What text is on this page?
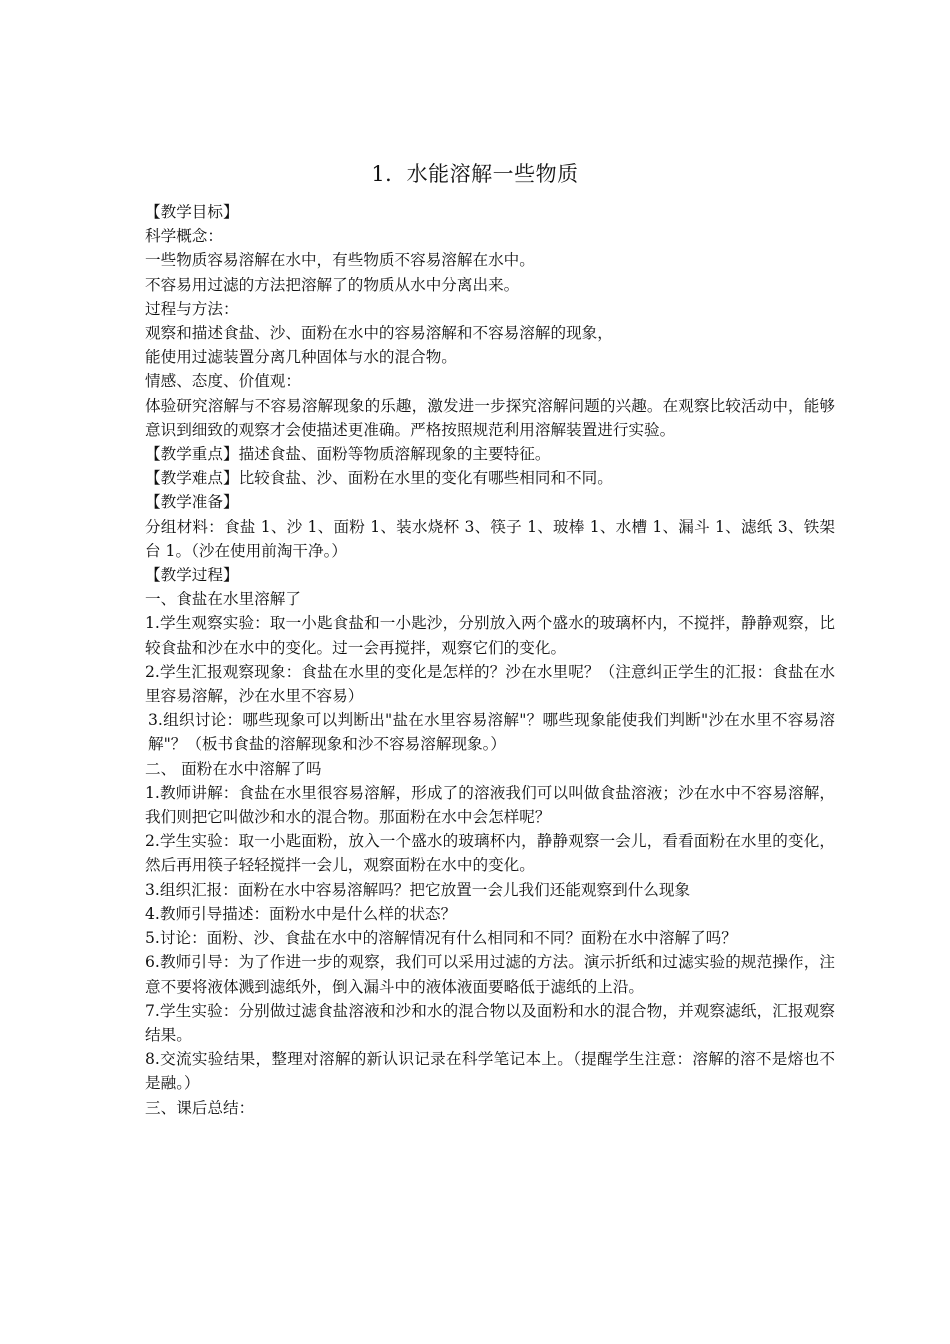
1．水能溶解一些物质

【教学目标】

科学概念：

一些物质容易溶解在水中，有些物质不容易溶解在水中。

不容易用过滤的方法把溶解了的物质从水中分离出来。

过程与方法：

观察和描述食盐、沙、面粉在水中的容易溶解和不容易溶解的现象，

能使用过滤装置分离几种固体与水的混合物。

情感、态度、价值观：

体验研究溶解与不容易溶解现象的乐趣，激发进一步探究溶解问题的兴趣。在观察比较活动中，能够意识到细致的观察才会使描述更准确。严格按照规范利用溶解装置进行实验。

【教学重点】描述食盐、面粉等物质溶解现象的主要特征。

【教学难点】比较食盐、沙、面粉在水里的变化有哪些相同和不同。

【教学准备】

分组材料：食盐 1、沙 1、面粉 1、装水烧杯 3、筷子 1、玻棒 1、水槽 1、漏斗 1、滤纸 3、铁架台 1。（沙在使用前淘干净。）

【教学过程】

一、食盐在水里溶解了

1.学生观察实验：取一小匙食盐和一小匙沙，分别放入两个盛水的玻璃杯内，不搅拌，静静观察，比较食盐和沙在水中的变化。过一会再搅拌，观察它们的变化。

2.学生汇报观察现象：食盐在水里的变化是怎样的？沙在水里呢？（注意纠正学生的汇报：食盐在水里容易溶解，沙在水里不容易）

3.组织讨论：哪些现象可以判断出"盐在水里容易溶解"？哪些现象能使我们判断"沙在水里不容易溶解"？（板书食盐的溶解现象和沙不容易溶解现象。）

二、 面粉在水中溶解了吗

1.教师讲解：食盐在水里很容易溶解，形成了的溶液我们可以叫做食盐溶液；沙在水中不容易溶解，我们则把它叫做沙和水的混合物。那面粉在水中会怎样呢？

2.学生实验：取一小匙面粉，放入一个盛水的玻璃杯内，静静观察一会儿，看看面粉在水里的变化，然后再用筷子轻轻搅拌一会儿，观察面粉在水中的变化。

3.组织汇报：面粉在水中容易溶解吗？把它放置一会儿我们还能观察到什么现象

4.教师引导描述：面粉水中是什么样的状态？

5.讨论：面粉、沙、食盐在水中的溶解情况有什么相同和不同？面粉在水中溶解了吗？

6.教师引导：为了作进一步的观察，我们可以采用过滤的方法。演示折纸和过滤实验的规范操作，注意不要将液体溅到滤纸外，倒入漏斗中的液体液面要略低于滤纸的上沿。

7.学生实验：分别做过滤食盐溶液和沙和水的混合物以及面粉和水的混合物，并观察滤纸，汇报观察结果。

8.交流实验结果，整理对溶解的新认识记录在科学笔记本上。（提醒学生注意：溶解的溶不是熔也不是融。）

三、课后总结：
